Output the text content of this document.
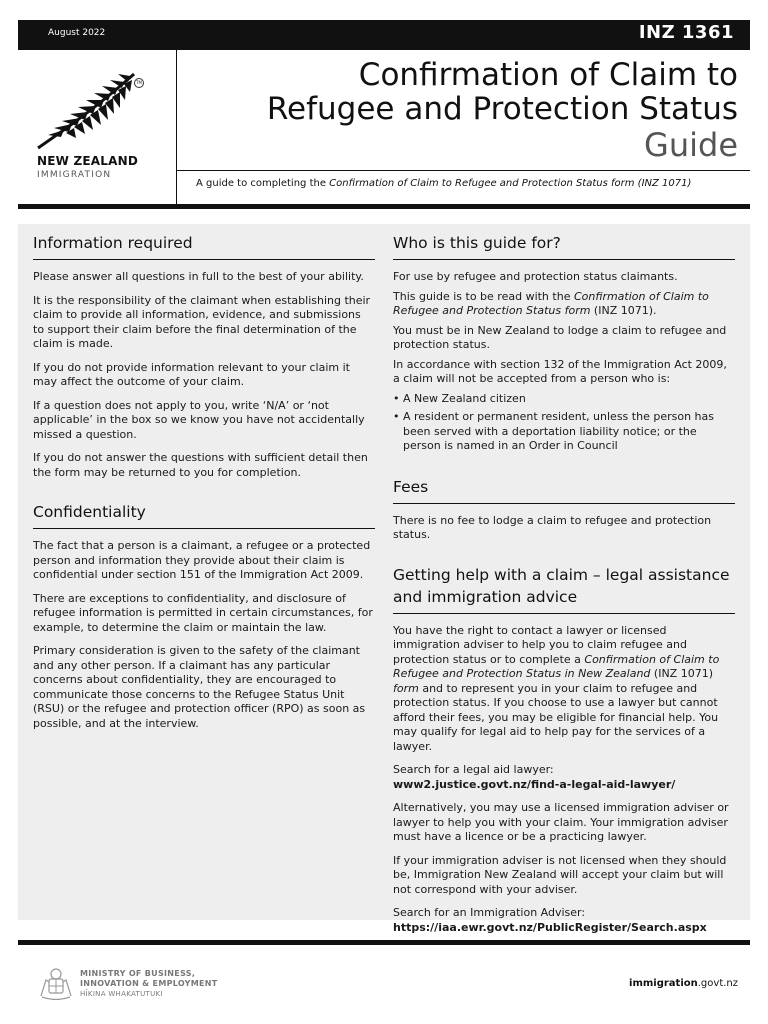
August 2022	INZ 1361
TM
NEW ZEALAND
IMMIGRATION
Confirmation of Claim to
Refugee and Protection Status
Guide
A guide to completing the Confirmation of Claim to Refugee and Protection Status form (INZ 1071)
Information required

Please answer all questions in full to the best of your ability.

It is the responsibility of the claimant when establishing their claim to provide all information, evidence, and submissions to support their claim before the final determination of the claim is made.

If you do not provide information relevant to your claim it may affect the outcome of your claim.

If a question does not apply to you, write ‘N/A’ or ‘not applicable’ in the box so we know you have not accidentally missed a question.

If you do not answer the questions with sufficient detail then the form may be returned to you for completion.

Confidentiality

The fact that a person is a claimant, a refugee or a protected person and information they provide about their claim is confidential under section 151 of the Immigration Act 2009.

There are exceptions to confidentiality, and disclosure of refugee information is permitted in certain circumstances, for example, to determine the claim or maintain the law.

Primary consideration is given to the safety of the claimant and any other person. If a claimant has any particular concerns about confidentiality, they are encouraged to communicate those concerns to the Refugee Status Unit (RSU) or the refugee and protection officer (RPO) as soon as possible, and at the interview.

Who is this guide for?

For use by refugee and protection status claimants.

This guide is to be read with the Confirmation of Claim to Refugee and Protection Status form (INZ 1071).

You must be in New Zealand to lodge a claim to refugee and protection status.

In accordance with section 132 of the Immigration Act 2009, a claim will not be accepted from a person who is:

• A New Zealand citizen
• A resident or permanent resident, unless the person has been served with a deportation liability notice; or the person is named in an Order in Council
Fees

There is no fee to lodge a claim to refugee and protection status.

Getting help with a claim – legal assistance and immigration advice

You have the right to contact a lawyer or licensed immigration adviser to help you to claim refugee and protection status or to complete a Confirmation of Claim to Refugee and Protection Status in New Zealand (INZ 1071) form and to represent you in your claim to refugee and protection status. If you choose to use a lawyer but cannot afford their fees, you may be eligible for financial help. You may qualify for legal aid to help pay for the services of a lawyer.

Search for a legal aid lawyer:
www2.justice.govt.nz/find-a-legal-aid-lawyer/

Alternatively, you may use a licensed immigration adviser or lawyer to help you with your claim. Your immigration adviser must have a licence or be a practicing lawyer.

If your immigration adviser is not licensed when they should be, Immigration New Zealand will accept your claim but will not correspond with your adviser.

Search for an Immigration Adviser:
https://iaa.ewr.govt.nz/PublicRegister/Search.aspx

MINISTRY OF BUSINESS,
INNOVATION & EMPLOYMENT
HĪKINA WHAKATUTUKI
immigration.govt.nz
